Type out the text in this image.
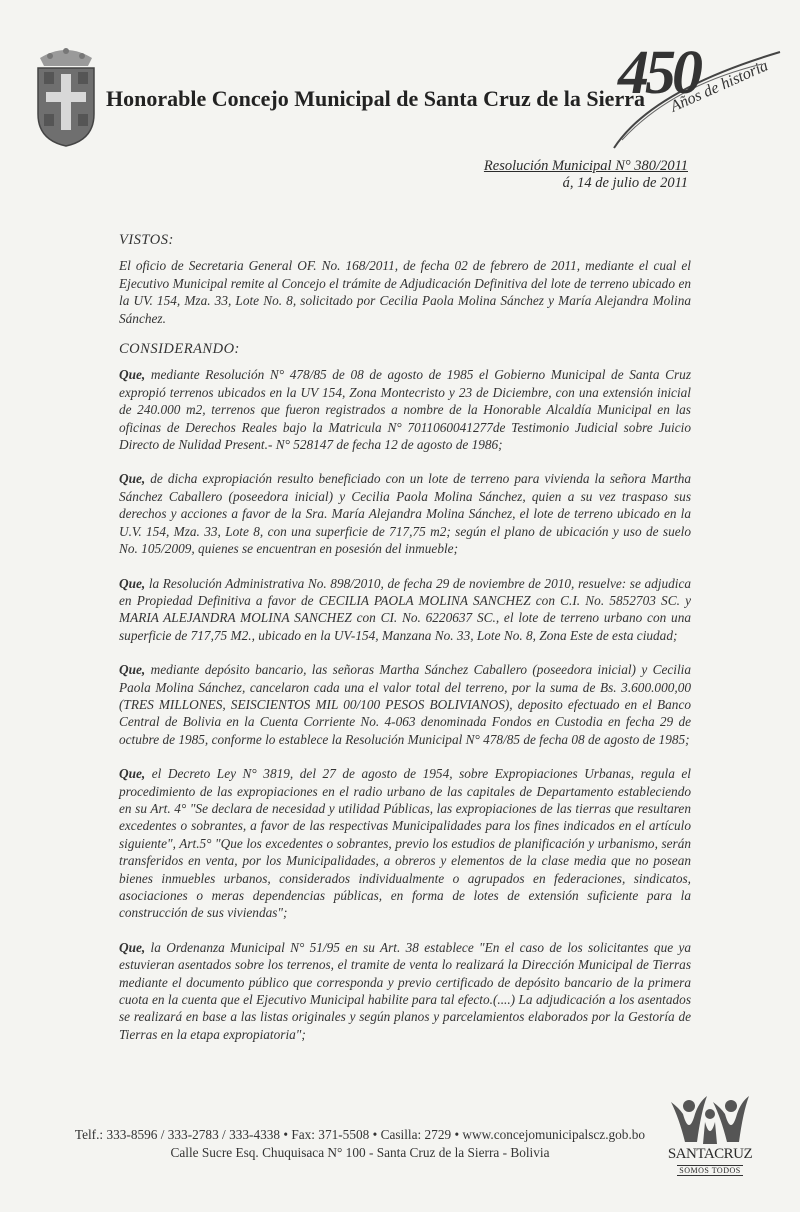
Honorable Concejo Municipal de Santa Cruz de la Sierra
450
Años de historia
Resolución Municipal N° 380/2011
á, 14 de julio de 2011
VISTOS:

El oficio de Secretaria General OF. No. 168/2011, de fecha 02 de febrero de 2011, mediante el cual el Ejecutivo Municipal remite al Concejo el trámite de Adjudicación Definitiva del lote de terreno ubicado en la UV. 154, Mza. 33, Lote No. 8, solicitado por Cecilia Paola Molina Sánchez y María Alejandra Molina Sánchez.

CONSIDERANDO:

Que, mediante Resolución N° 478/85 de 08 de agosto de 1985 el Gobierno Municipal de Santa Cruz expropió terrenos ubicados en la UV 154, Zona Montecristo y 23 de Diciembre, con una extensión inicial de 240.000 m2, terrenos que fueron registrados a nombre de la Honorable Alcaldía Municipal en las oficinas de Derechos Reales bajo la Matricula N° 7011060041277de Testimonio Judicial sobre Juicio Directo de Nulidad Present.- N° 528147 de fecha 12 de agosto de 1986;

Que, de dicha expropiación resulto beneficiado con un lote de terreno para vivienda la señora Martha Sánchez Caballero (poseedora inicial) y Cecilia Paola Molina Sánchez, quien a su vez traspaso sus derechos y acciones a favor de la Sra. María Alejandra Molina Sánchez, el lote de terreno ubicado en la U.V. 154, Mza. 33, Lote 8, con una superficie de 717,75 m2; según el plano de ubicación y uso de suelo No. 105/2009, quienes se encuentran en posesión del inmueble;

Que, la Resolución Administrativa No. 898/2010, de fecha 29 de noviembre de 2010, resuelve: se adjudica en Propiedad Definitiva a favor de CECILIA PAOLA MOLINA SANCHEZ con C.I. No. 5852703 SC. y MARIA ALEJANDRA MOLINA SANCHEZ con CI. No. 6220637 SC., el lote de terreno urbano con una superficie de 717,75 M2., ubicado en la UV-154, Manzana No. 33, Lote No. 8, Zona Este de esta ciudad;

Que, mediante depósito bancario, las señoras Martha Sánchez Caballero (poseedora inicial) y Cecilia Paola Molina Sánchez, cancelaron cada una el valor total del terreno, por la suma de Bs. 3.600.000,00 (TRES MILLONES, SEISCIENTOS MIL 00/100 PESOS BOLIVIANOS), deposito efectuado en el Banco Central de Bolivia en la Cuenta Corriente No. 4-063 denominada Fondos en Custodia en fecha 29 de octubre de 1985, conforme lo establece la Resolución Municipal N° 478/85 de fecha 08 de agosto de 1985;

Que, el Decreto Ley N° 3819, del 27 de agosto de 1954, sobre Expropiaciones Urbanas, regula el procedimiento de las expropiaciones en el radio urbano de las capitales de Departamento estableciendo en su Art. 4° "Se declara de necesidad y utilidad Públicas, las expropiaciones de las tierras que resultaren excedentes o sobrantes, a favor de las respectivas Municipalidades para los fines indicados en el artículo siguiente", Art.5° "Que los excedentes o sobrantes, previo los estudios de planificación y urbanismo, serán transferidos en venta, por los Municipalidades, a obreros y elementos de la clase media que no posean bienes inmuebles urbanos, considerados individualmente o agrupados en federaciones, sindicatos, asociaciones o meras dependencias públicas, en forma de lotes de extensión suficiente para la construcción de sus viviendas";

Que, la Ordenanza Municipal N° 51/95 en su Art. 38 establece "En el caso de los solicitantes que ya estuvieran asentados sobre los terrenos, el tramite de venta lo realizará la Dirección Municipal de Tierras mediante el documento público que corresponda y previo certificado de depósito bancario de la primera cuota en la cuenta que el Ejecutivo Municipal habilite para tal efecto.(....) La adjudicación a los asentados se realizará en base a las listas originales y según planos y parcelamientos elaborados por la Gestoría de Tierras en la etapa expropiatoria";

Telf.: 333-8596 / 333-2783 / 333-4338 • Fax: 371-5508 • Casilla: 2729 • www.concejomunicipalscz.gob.bo
Calle Sucre Esq. Chuquisaca N° 100 - Santa Cruz de la Sierra - Bolivia	SANTACRUZ
SOMOS TODOS
